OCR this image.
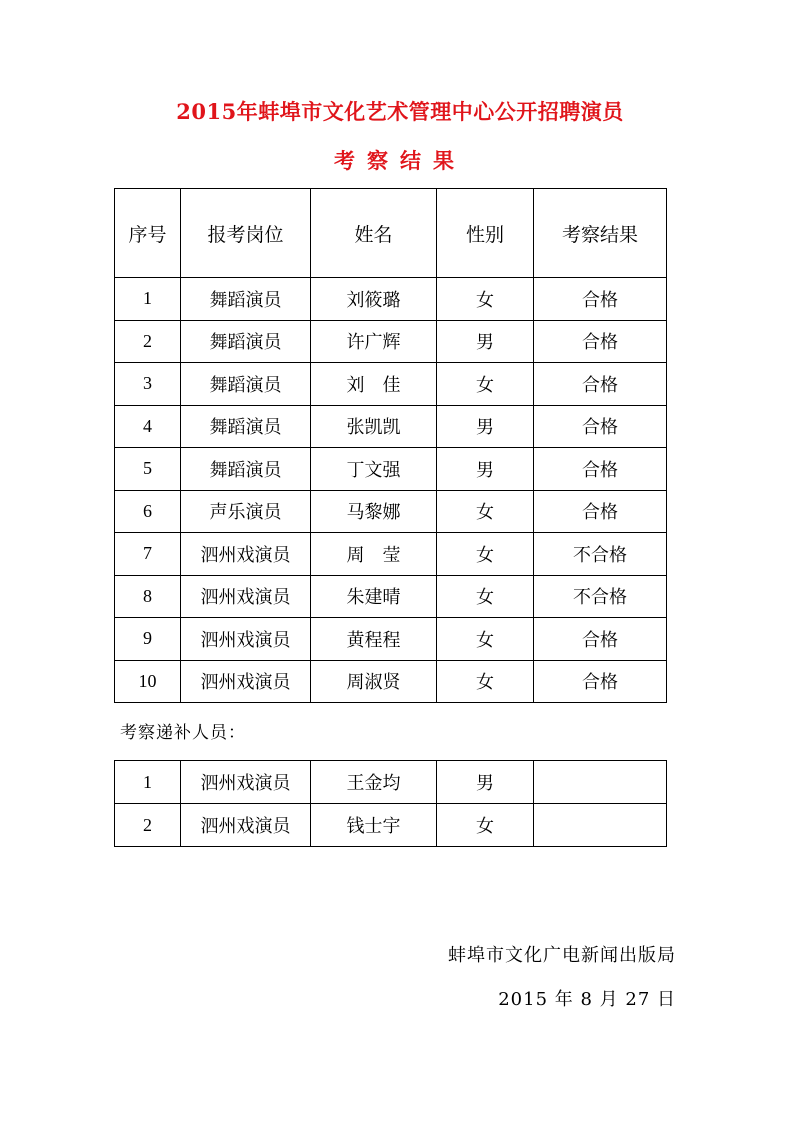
2015年蚌埠市文化艺术管理中心公开招聘演员
考察结果
序号	报考岗位	姓名	性别	考察结果
1	舞蹈演员	刘筱璐	女	合格
2	舞蹈演员	许广辉	男	合格
3	舞蹈演员	刘　佳	女	合格
4	舞蹈演员	张凯凯	男	合格
5	舞蹈演员	丁文强	男	合格
6	声乐演员	马黎娜	女	合格
7	泗州戏演员	周　莹	女	不合格
8	泗州戏演员	朱建晴	女	不合格
9	泗州戏演员	黄程程	女	合格
10	泗州戏演员	周淑贤	女	合格
考察递补人员：
1	泗州戏演员	王金均	男	
2	泗州戏演员	钱士宇	女	
蚌埠市文化广电新闻出版局
2015 年 8 月 27 日
